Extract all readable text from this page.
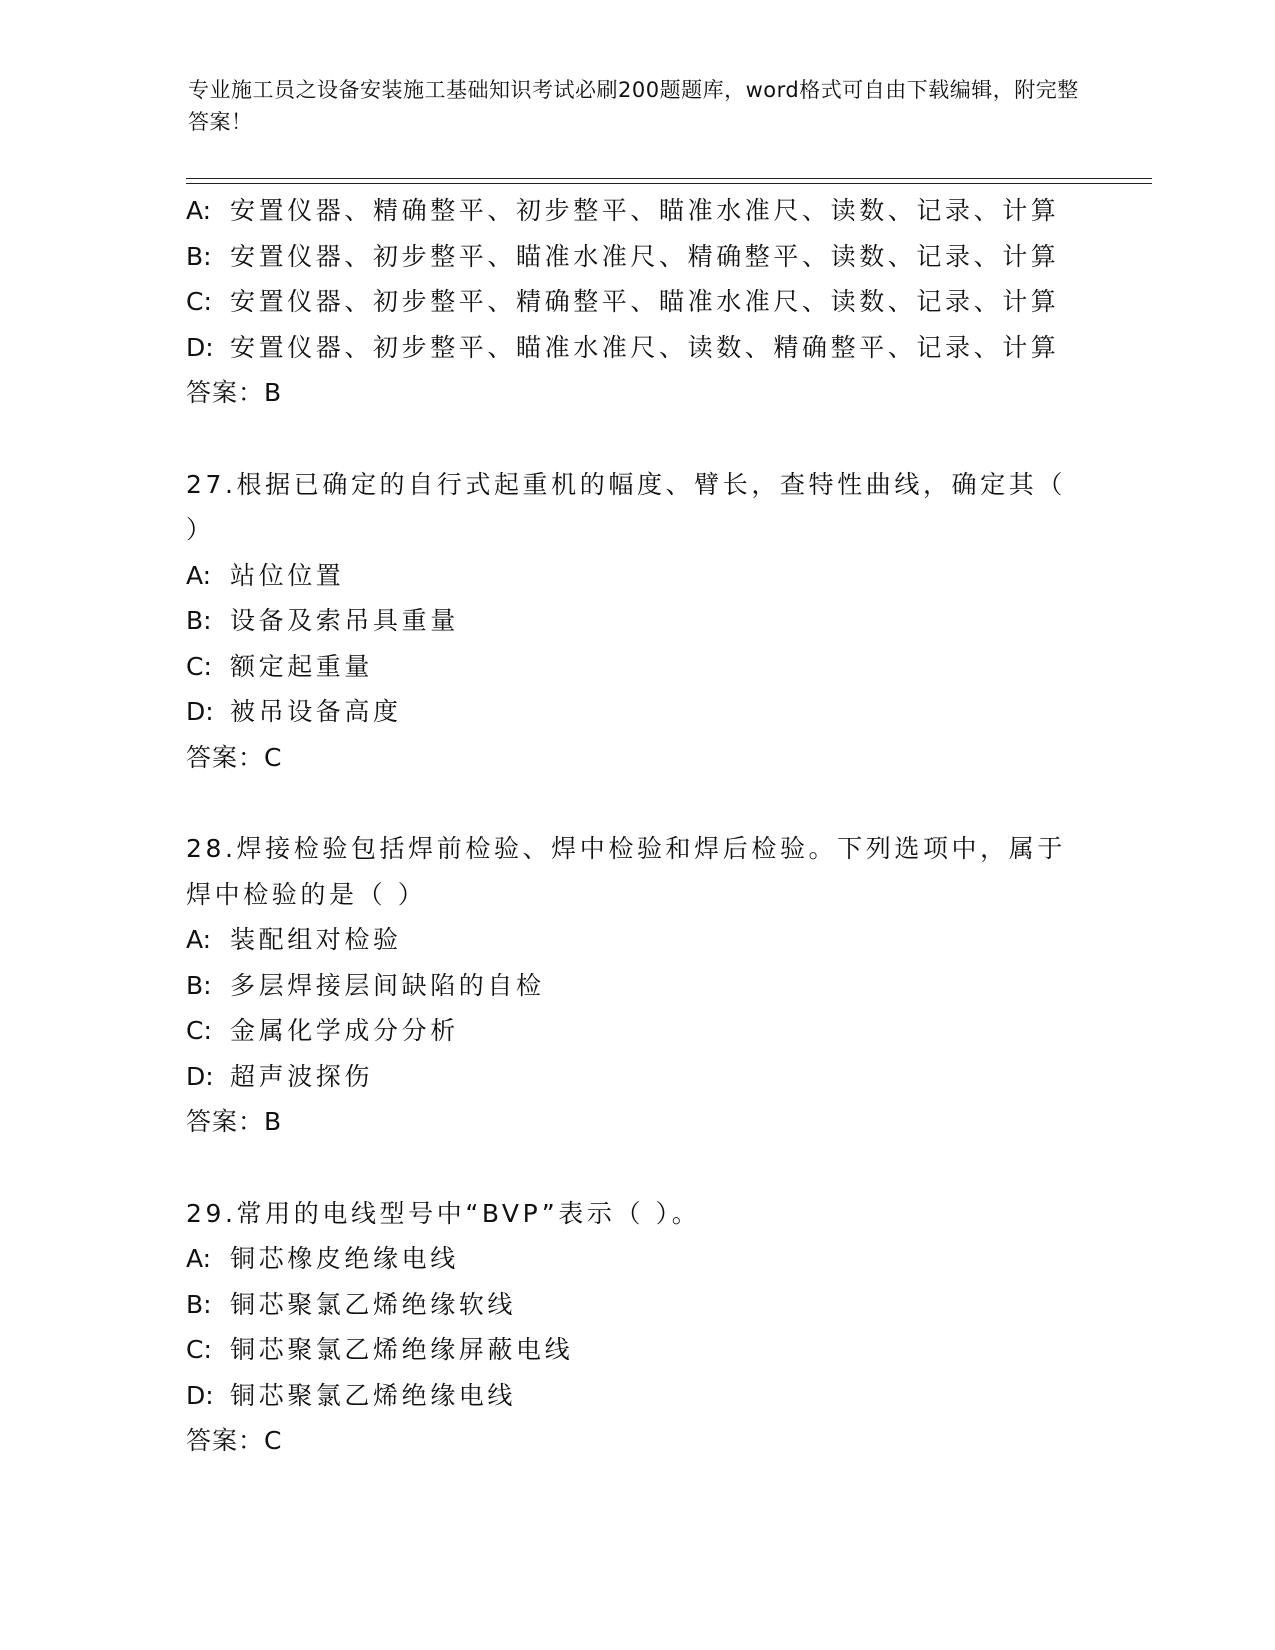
专业施工员之设备安装施工基础知识考试必刷200题题库，word格式可自由下载编辑，附完整答案！
A: 安置仪器、精确整平、初步整平、瞄准水准尺、读数、记录、计算
B: 安置仪器、初步整平、瞄准水准尺、精确整平、读数、记录、计算
C: 安置仪器、初步整平、精确整平、瞄准水准尺、读数、记录、计算
D: 安置仪器、初步整平、瞄准水准尺、读数、精确整平、记录、计算
答案：B
27.根据已确定的自行式起重机的幅度、臂长，查特性曲线，确定其（
）
A: 站位位置
B: 设备及索吊具重量
C: 额定起重量
D: 被吊设备高度
答案：C
28.焊接检验包括焊前检验、焊中检验和焊后检验。下列选项中，属于
焊中检验的是（ ）
A: 装配组对检验
B: 多层焊接层间缺陷的自检
C: 金属化学成分分析
D: 超声波探伤
答案：B
29.常用的电线型号中“BVP”表示（ ）。
A: 铜芯橡皮绝缘电线
B: 铜芯聚氯乙烯绝缘软线
C: 铜芯聚氯乙烯绝缘屏蔽电线
D: 铜芯聚氯乙烯绝缘电线
答案：C
